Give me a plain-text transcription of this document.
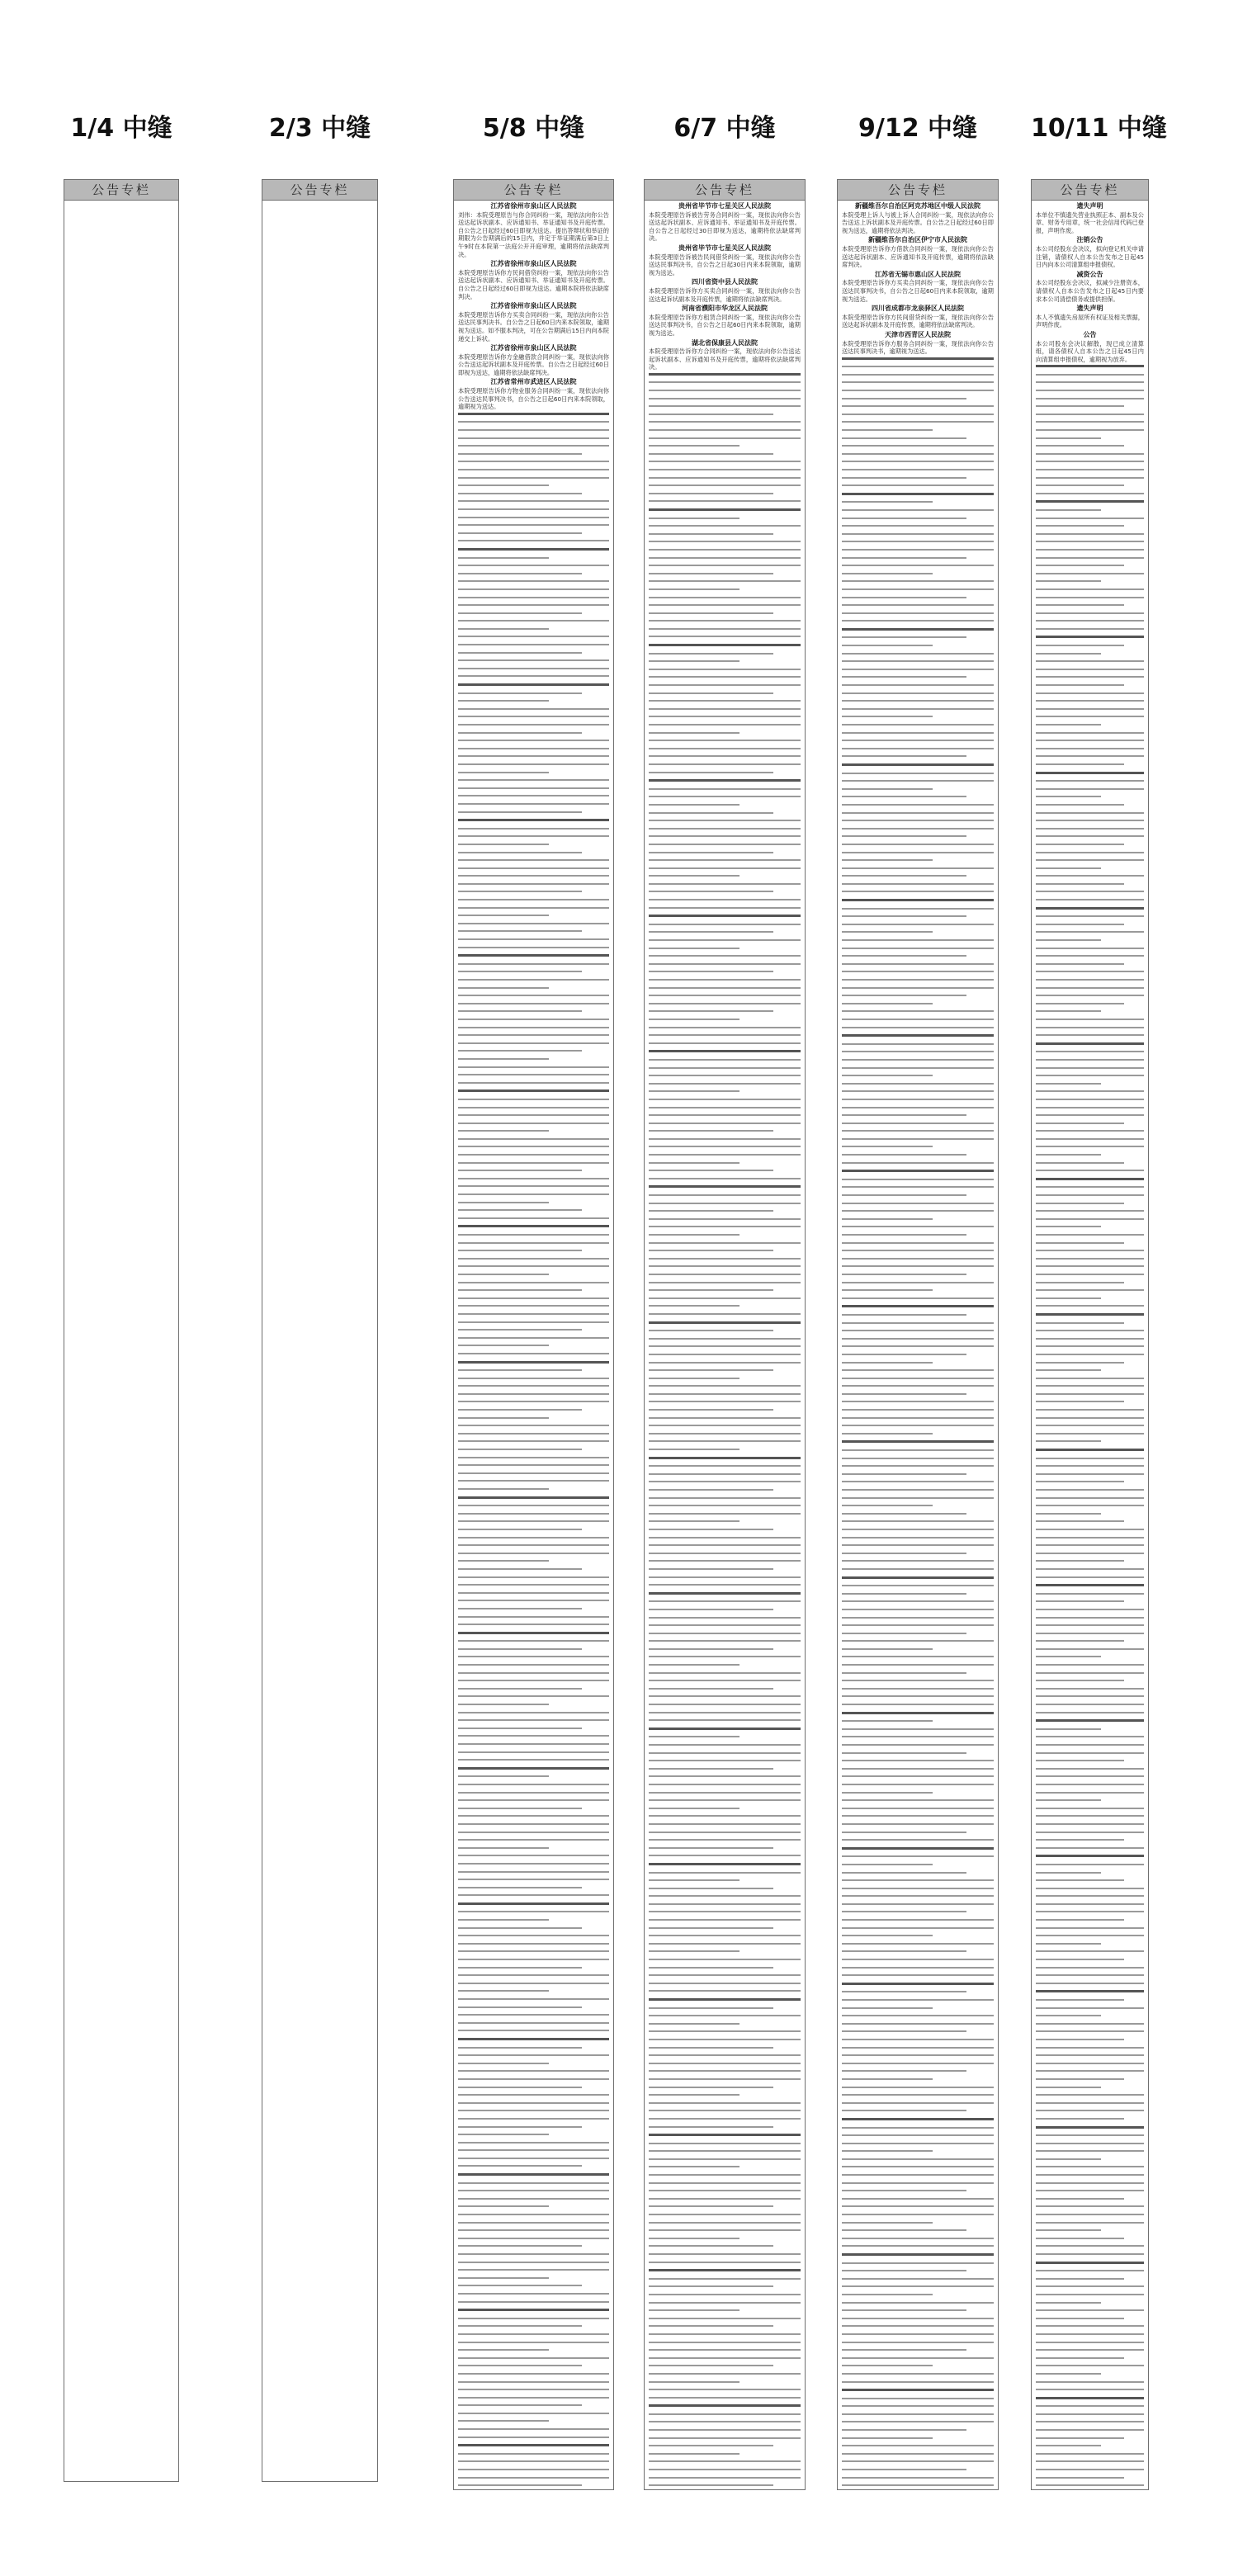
1/4 中缝
公告专栏
2/3 中缝
公告专栏
5/8 中缝
公告专栏
江苏省徐州市泉山区人民法院
刘伟：本院受理原告与你合同纠纷一案，现依法向你公告送达起诉状副本、应诉通知书、举证通知书及开庭传票。自公告之日起经过60日即视为送达。提出答辩状和举证的期限为公告期满后的15日内，并定于举证期满后第3日上午9时在本院第一法庭公开开庭审理，逾期将依法缺席判决。
江苏省徐州市泉山区人民法院
本院受理原告诉你方民间借贷纠纷一案，现依法向你公告送达起诉状副本、应诉通知书、举证通知书及开庭传票。自公告之日起经过60日即视为送达。逾期本院将依法缺席判决。
江苏省徐州市泉山区人民法院
本院受理原告诉你方买卖合同纠纷一案，现依法向你公告送达民事判决书。自公告之日起60日内来本院领取，逾期视为送达。如不服本判决，可在公告期满后15日内向本院递交上诉状。
江苏省徐州市泉山区人民法院
本院受理原告诉你方金融借款合同纠纷一案，现依法向你公告送达起诉状副本及开庭传票。自公告之日起经过60日即视为送达，逾期将依法缺席判决。
江苏省常州市武进区人民法院
本院受理原告诉你方物业服务合同纠纷一案，现依法向你公告送达民事判决书，自公告之日起60日内来本院领取，逾期视为送达。
6/7 中缝
公告专栏
贵州省毕节市七星关区人民法院
本院受理原告诉被告劳务合同纠纷一案，现依法向你公告送达起诉状副本、应诉通知书、举证通知书及开庭传票。自公告之日起经过30日即视为送达，逾期将依法缺席判决。
贵州省毕节市七星关区人民法院
本院受理原告诉被告民间借贷纠纷一案，现依法向你公告送达民事判决书，自公告之日起30日内来本院领取，逾期视为送达。
四川省资中县人民法院
本院受理原告诉你方买卖合同纠纷一案，现依法向你公告送达起诉状副本及开庭传票，逾期将依法缺席判决。
河南省濮阳市华龙区人民法院
本院受理原告诉你方租赁合同纠纷一案，现依法向你公告送达民事判决书，自公告之日起60日内来本院领取，逾期视为送达。
湖北省保康县人民法院
本院受理原告诉你方合同纠纷一案，现依法向你公告送达起诉状副本、应诉通知书及开庭传票，逾期将依法缺席判决。
9/12 中缝
公告专栏
新疆维吾尔自治区阿克苏地区中级人民法院
本院受理上诉人与被上诉人合同纠纷一案，现依法向你公告送达上诉状副本及开庭传票。自公告之日起经过60日即视为送达，逾期将依法判决。
新疆维吾尔自治区伊宁市人民法院
本院受理原告诉你方借款合同纠纷一案，现依法向你公告送达起诉状副本、应诉通知书及开庭传票，逾期将依法缺席判决。
江苏省无锡市惠山区人民法院
本院受理原告诉你方买卖合同纠纷一案，现依法向你公告送达民事判决书，自公告之日起60日内来本院领取，逾期视为送达。
四川省成都市龙泉驿区人民法院
本院受理原告诉你方民间借贷纠纷一案，现依法向你公告送达起诉状副本及开庭传票，逾期将依法缺席判决。
天津市西青区人民法院
本院受理原告诉你方服务合同纠纷一案，现依法向你公告送达民事判决书，逾期视为送达。
10/11 中缝
公告专栏
遗失声明
本单位不慎遗失营业执照正本、副本及公章、财务专用章，统一社会信用代码已登报，声明作废。
注销公告
本公司经股东会决议，拟向登记机关申请注销，请债权人自本公告发布之日起45日内向本公司清算组申报债权。
减资公告
本公司经股东会决议，拟减少注册资本，请债权人自本公告发布之日起45日内要求本公司清偿债务或提供担保。
遗失声明
本人不慎遗失房屋所有权证及相关票据，声明作废。
公告
本公司股东会决议解散，现已成立清算组，请各债权人自本公告之日起45日内向清算组申报债权，逾期视为放弃。
